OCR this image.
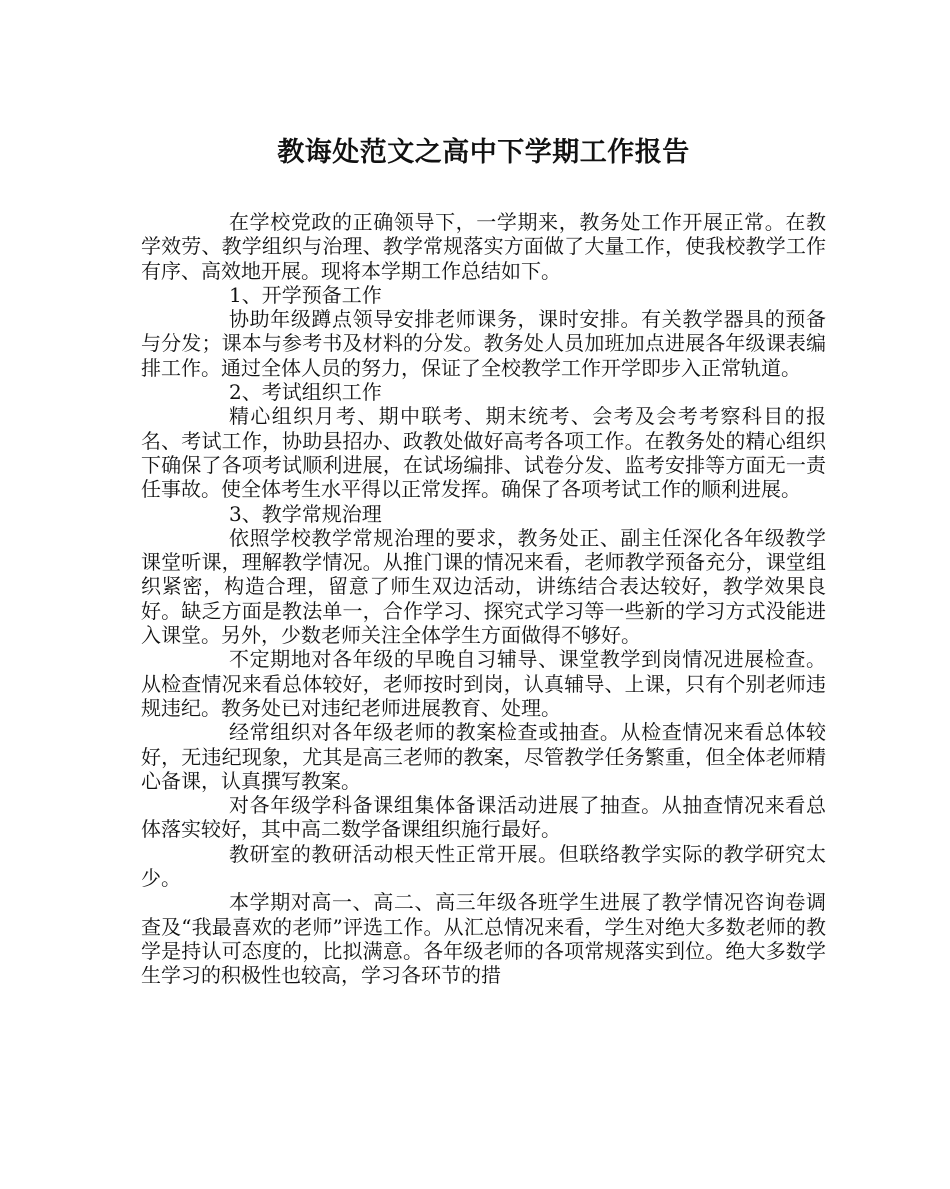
教诲处范文之高中下学期工作报告

在学校党政的正确领导下，一学期来，教务处工作开展正常。在教学效劳、教学组织与治理、教学常规落实方面做了大量工作，使我校教学工作有序、高效地开展。现将本学期工作总结如下。

1、开学预备工作

协助年级蹲点领导安排老师课务，课时安排。有关教学器具的预备与分发；课本与参考书及材料的分发。教务处人员加班加点进展各年级课表编排工作。通过全体人员的努力，保证了全校教学工作开学即步入正常轨道。

2、考试组织工作

精心组织月考、期中联考、期末统考、会考及会考考察科目的报名、考试工作，协助县招办、政教处做好高考各项工作。在教务处的精心组织下确保了各项考试顺利进展，在试场编排、试卷分发、监考安排等方面无一责任事故。使全体考生水平得以正常发挥。确保了各项考试工作的顺利进展。

3、教学常规治理

依照学校教学常规治理的要求，教务处正、副主任深化各年级教学课堂听课，理解教学情况。从推门课的情况来看，老师教学预备充分，课堂组织紧密，构造合理，留意了师生双边活动，讲练结合表达较好，教学效果良好。缺乏方面是教法单一，合作学习、探究式学习等一些新的学习方式没能进入课堂。另外，少数老师关注全体学生方面做得不够好。

不定期地对各年级的早晚自习辅导、课堂教学到岗情况进展检查。从检查情况来看总体较好，老师按时到岗，认真辅导、上课，只有个别老师违规违纪。教务处已对违纪老师进展教育、处理。

经常组织对各年级老师的教案检查或抽查。从检查情况来看总体较好，无违纪现象，尤其是高三老师的教案，尽管教学任务繁重，但全体老师精心备课，认真撰写教案。

对各年级学科备课组集体备课活动进展了抽查。从抽查情况来看总体落实较好，其中高二数学备课组织施行最好。

教研室的教研活动根天性正常开展。但联络教学实际的教学研究太少。

本学期对高一、高二、高三年级各班学生进展了教学情况咨询卷调查及“我最喜欢的老师”评选工作。从汇总情况来看，学生对绝大多数老师的教学是持认可态度的，比拟满意。各年级老师的各项常规落实到位。绝大多数学生学习的积极性也较高，学习各环节的措
